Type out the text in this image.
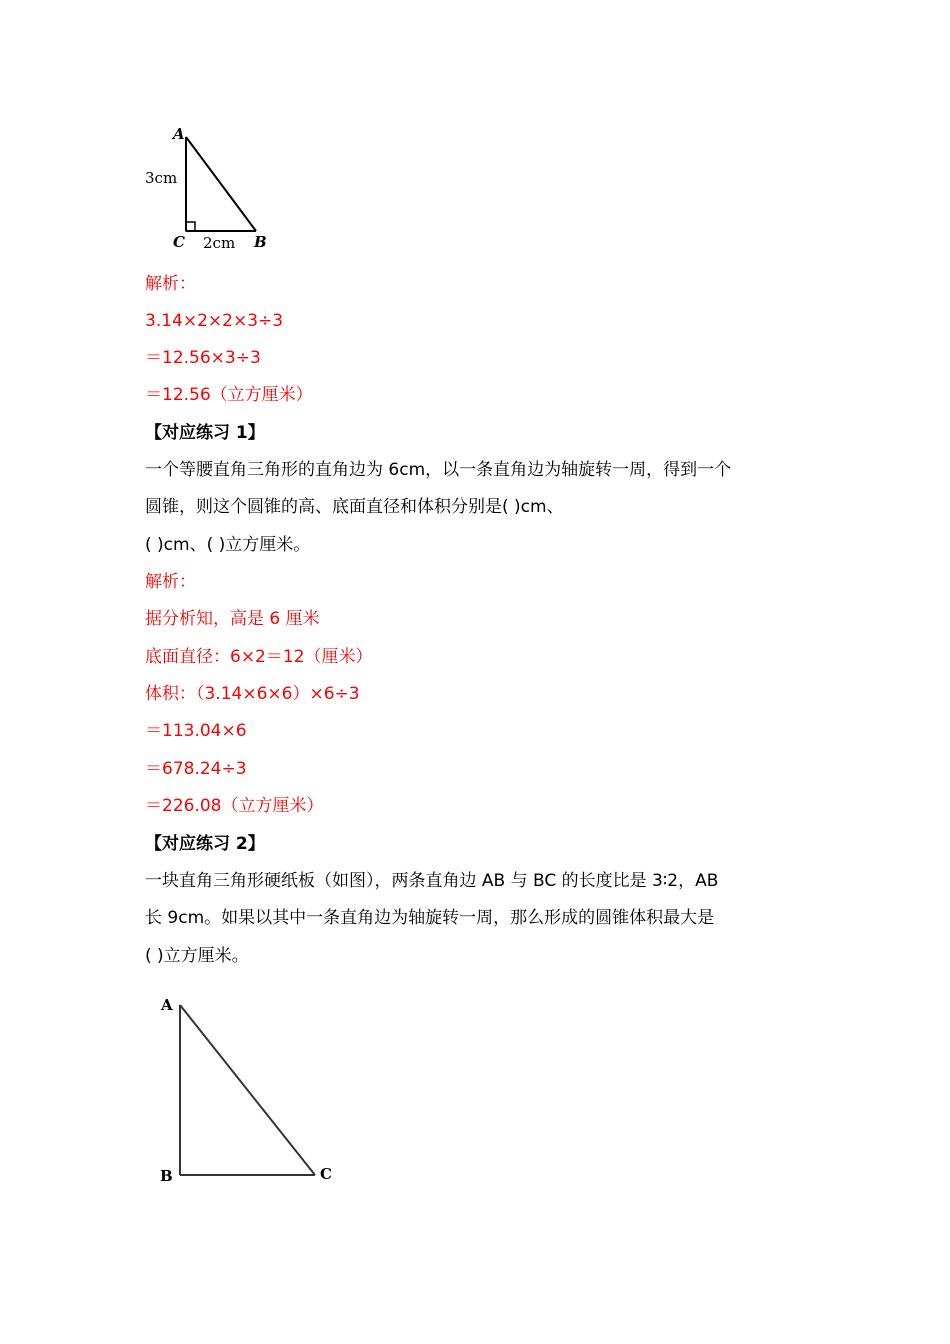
A
C	B
3cm
2cm
解析：
3.14×2×2×3÷3
＝12.56×3÷3
＝12.56（立方厘米）
【对应练习 1】
一个等腰直角三角形的直角边为 6cm，以一条直角边为轴旋转一周，得到一个
圆锥，则这个圆锥的高、底面直径和体积分别是( )cm、
( )cm、( )立方厘米。
解析：
据分析知，高是 6 厘米
底面直径：6×2＝12（厘米）
体积：（3.14×6×6）×6÷3
＝113.04×6
＝678.24÷3
＝226.08（立方厘米）
【对应练习 2】
一块直角三角形硬纸板（如图），两条直角边 AB 与 BC 的长度比是 3∶2，AB
长 9cm。如果以其中一条直角边为轴旋转一周，那么形成的圆锥体积最大是
( )立方厘米。
A
B	C
